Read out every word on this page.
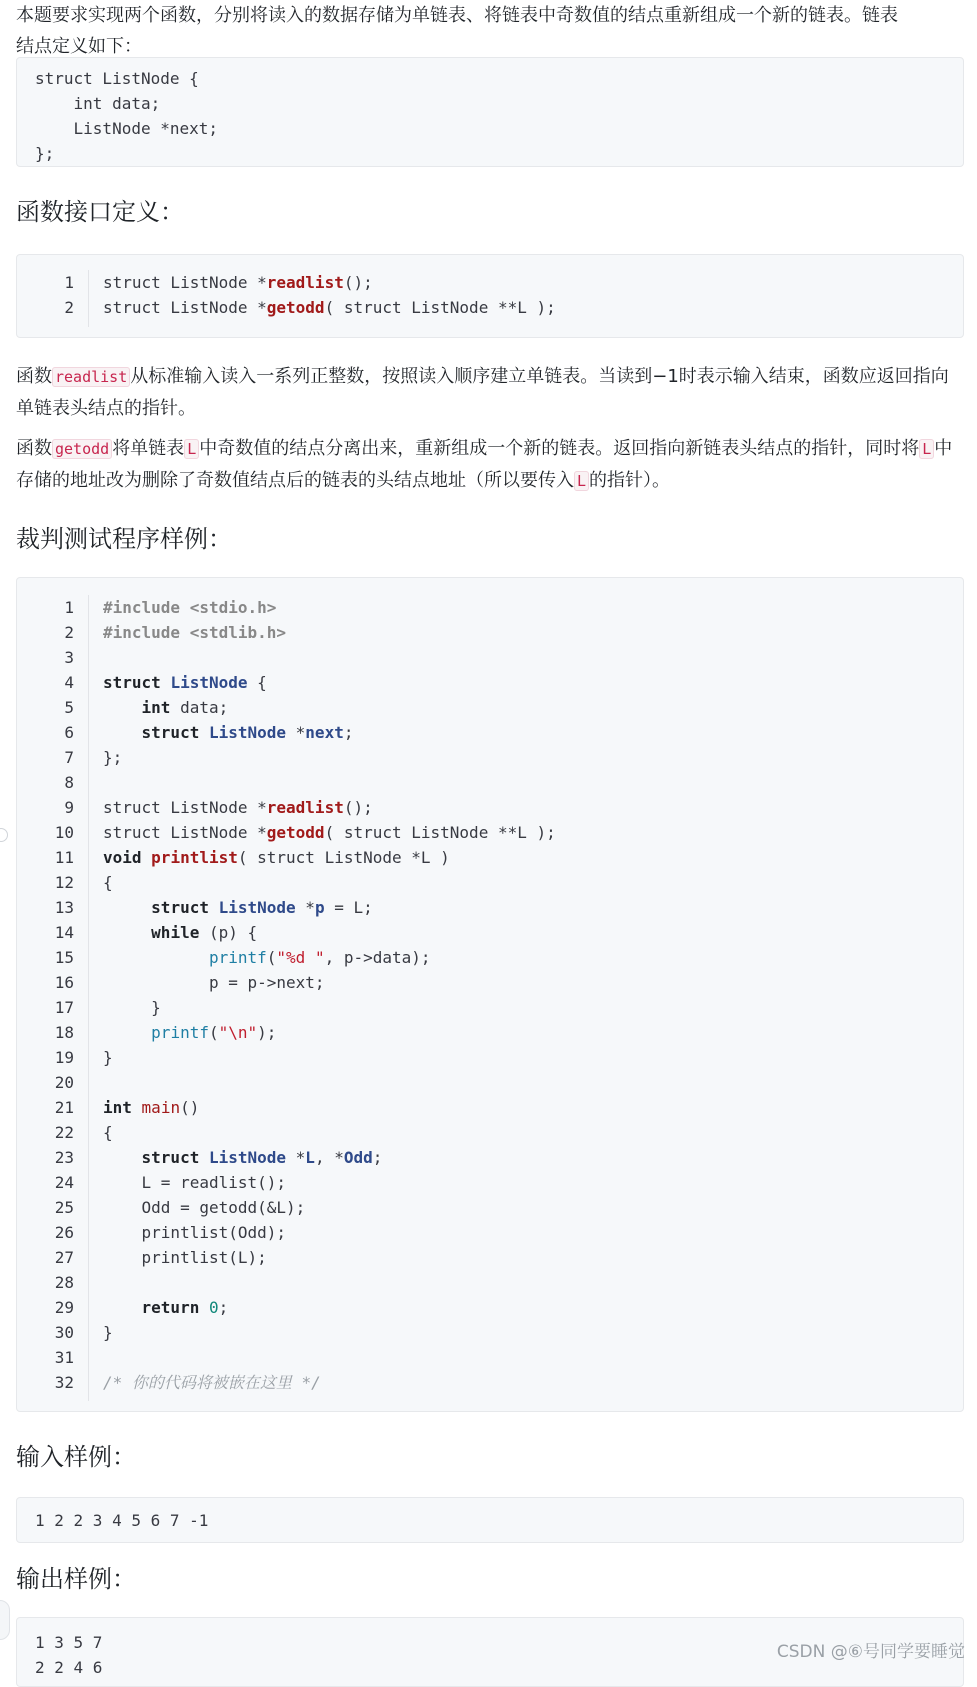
本题要求实现两个函数，分别将读入的数据存储为单链表、将链表中奇数值的结点重新组成一个新的链表。链表结点定义如下：

struct ListNode {
int data;
ListNode *next;
};
函数接口定义：
1
2
struct ListNode *readlist();
struct ListNode *getodd( struct ListNode **L );

函数 readlist 从标准输入读入一系列正整数，按照读入顺序建立单链表。当读到−1时表示输入结束，函数应返回指向单链表头结点的指针。

函数 getodd 将单链表 L 中奇数值的结点分离出来，重新组成一个新的链表。返回指向新链表头结点的指针，同时将 L 中存储的地址改为删除了奇数值结点后的链表的头结点地址（所以要传入 L 的指针）。

裁判测试程序样例：
1
2
3
4
5
6
7
8
9
10
11
12
13
14
15
16
17
18
19
20
21
22
23
24
25
26
27
28
29
30
31
32
#include <stdio.h>
#include <stdlib.h>

struct ListNode {
int data;
struct ListNode *next;
};

struct ListNode *readlist();
struct ListNode *getodd( struct ListNode **L );
void printlist( struct ListNode *L )
{
struct ListNode *p = L;
while (p) {
printf("%d ", p->data);
p = p->next;
}
printf("\n");
}

int main()
{
struct ListNode *L, *Odd;
L = readlist();
Odd = getodd(&L);
printlist(Odd);
printlist(L);

return 0;
}

/* 你的代码将被嵌在这里 */
输入样例：
1 2 2 3 4 5 6 7 -1
输出样例：
1 3 5 7
2 2 4 6
CSDN @⑥号同学要睡觉
